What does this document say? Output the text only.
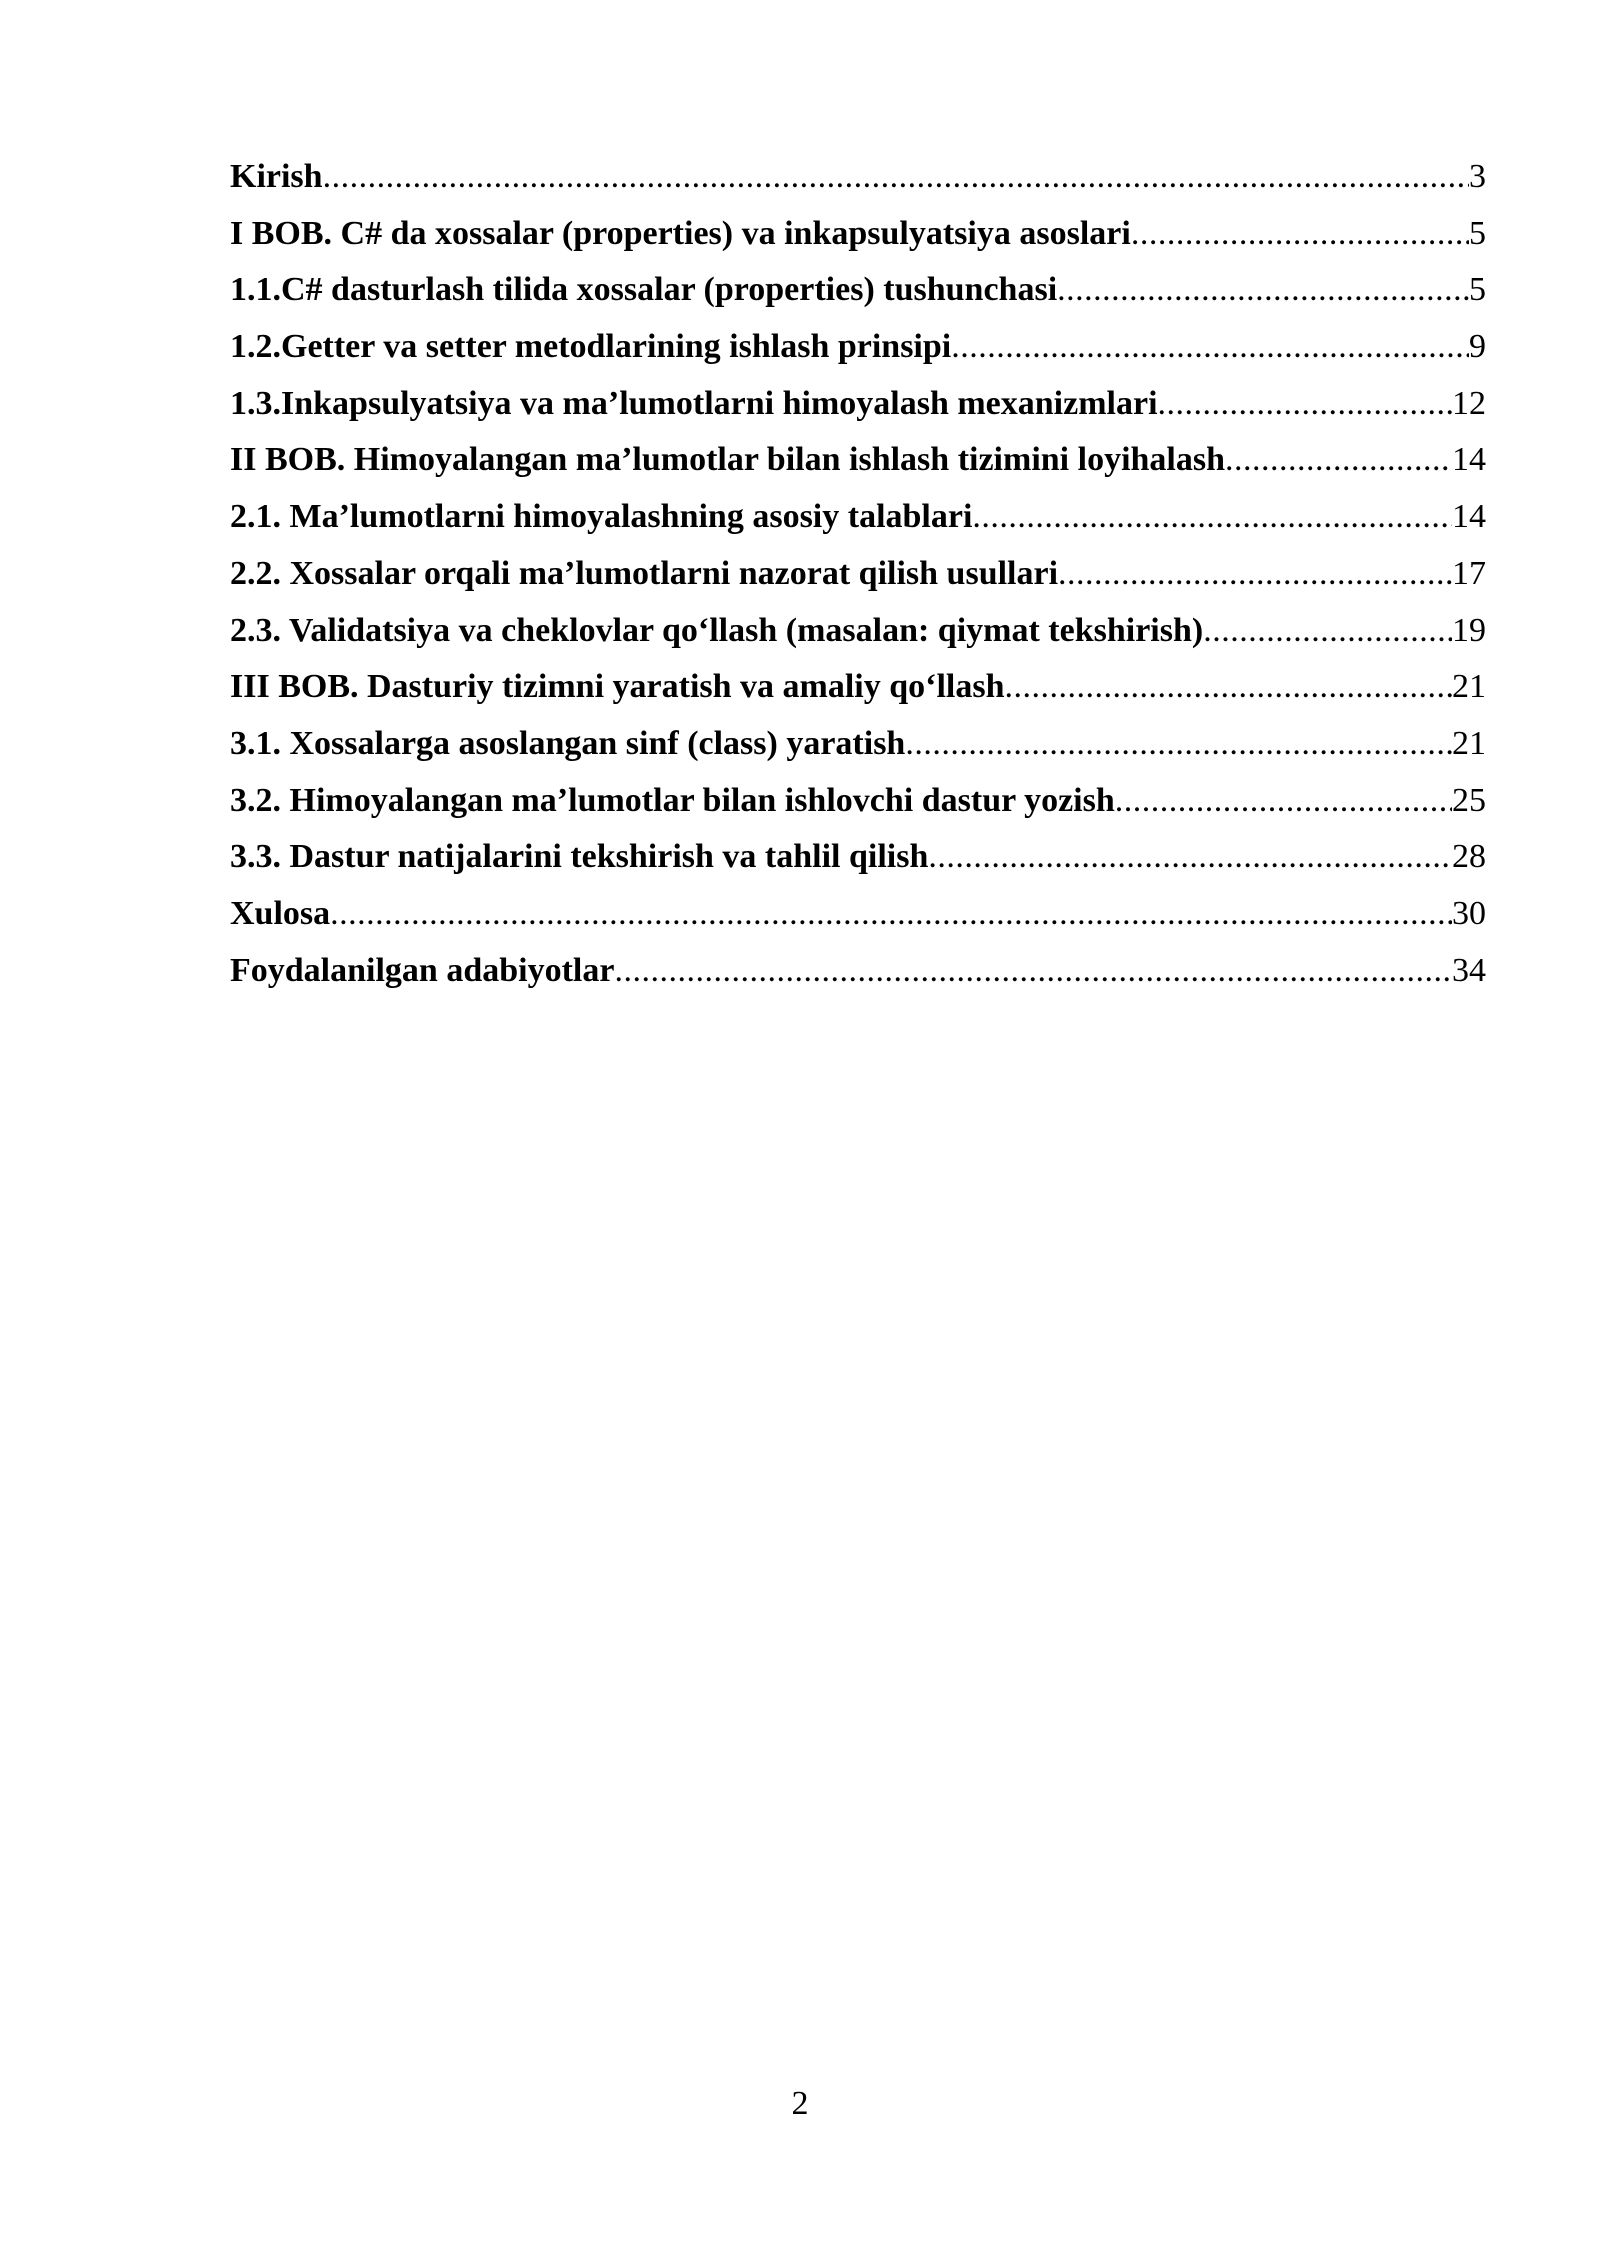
Kirish .....	3
I BOB. C# da xossalar (properties) va inkapsulyatsiya asoslari .....	5
1.1.C# dasturlash tilida xossalar (properties) tushunchasi .....	5
1.2.Getter va setter metodlarining ishlash prinsipi .....	9
1.3.Inkapsulyatsiya va ma’lumotlarni himoyalash mexanizmlari .....	12
II BOB. Himoyalangan ma’lumotlar bilan ishlash tizimini loyihalash .....	14
2.1. Ma’lumotlarni himoyalashning asosiy talablari .....	14
2.2. Xossalar orqali ma’lumotlarni nazorat qilish usullari .....	17
2.3. Validatsiya va cheklovlar qo‘llash (masalan: qiymat tekshirish) .....	19
III BOB. Dasturiy tizimni yaratish va amaliy qo‘llash .....	21
3.1. Xossalarga asoslangan sinf (class) yaratish .....	21
3.2. Himoyalangan ma’lumotlar bilan ishlovchi dastur yozish .....	25
3.3. Dastur natijalarini tekshirish va tahlil qilish .....	28
Xulosa .....	30
Foydalanilgan adabiyotlar .....	34
2
